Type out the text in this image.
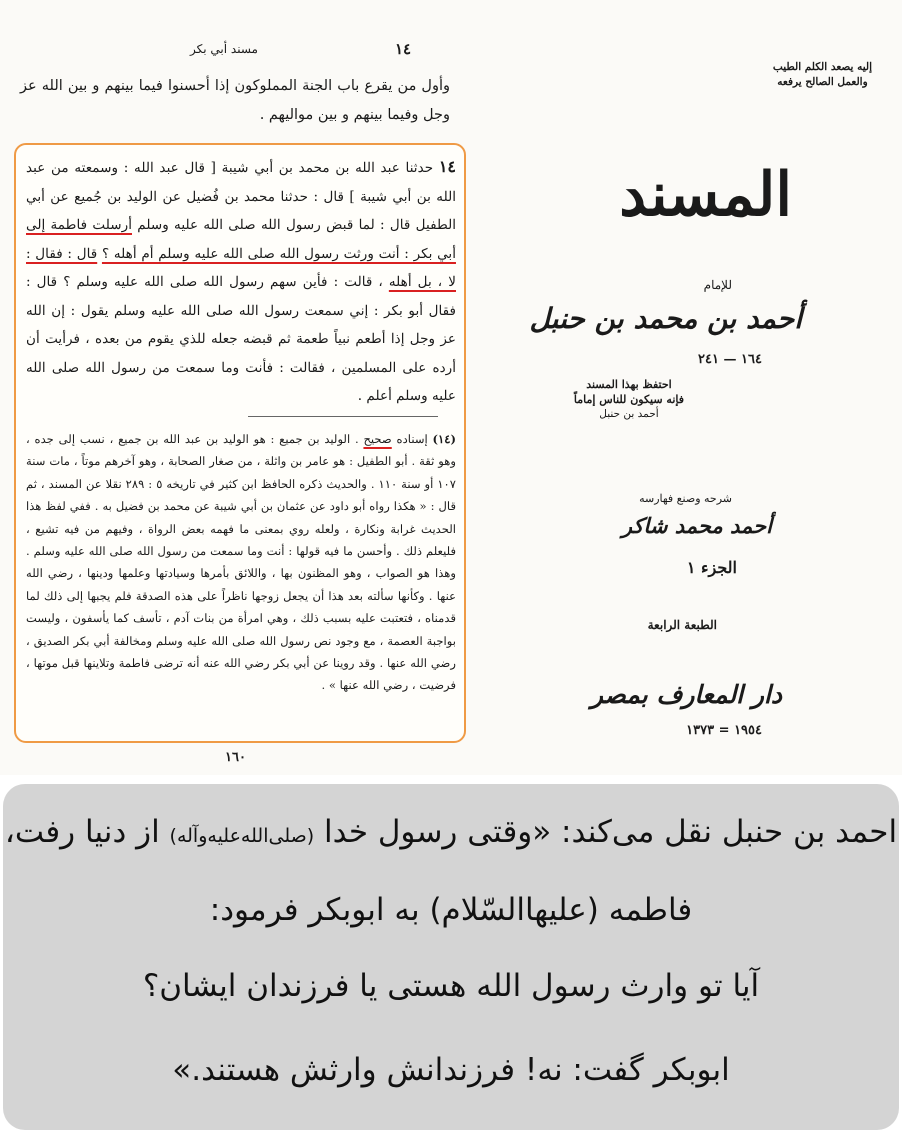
١٤
مسند أبي بكر
وأول من يقرع باب الجنة المملوكون إذا أحسنوا فيما بينهم و بين الله عز وجل وفيما بينهم و بين مواليهم .
١٤ حدثنا عبد الله بن محمد بن أبي شيبة [ قال عبد الله : وسمعته من عبد الله بن أبي شيبة ] قال : حدثنا محمد بن فُضيل عن الوليد بن جُميع عن أبي الطفيل قال : لما قبض رسول الله صلى الله عليه وسلم أرسلت فاطمة إلى أبي بكر : أنت ورثت رسول الله صلى الله عليه وسلم أم أهله ؟ قال : فقال : لا ، بل أهله ، قالت : فأين سهم رسول الله صلى الله عليه وسلم ؟ قال : فقال أبو بكر : إني سمعت رسول الله صلى الله عليه وسلم يقول : إن الله عز وجل إذا أطعم نبياً طعمة ثم قبضه جعله للذي يقوم من بعده ، فرأيت أن أرده على المسلمين ، فقالت : فأنت وما سمعت من رسول الله صلى الله عليه وسلم أعلم .
(١٤) إسناده صحيح . الوليد بن جميع : هو الوليد بن عبد الله بن جميع ، نسب إلى جده ، وهو ثقة . أبو الطفيل : هو عامر بن واثلة ، من صغار الصحابة ، وهو آخرهم موتاً ، مات سنة ١٠٧ أو سنة ١١٠ . والحديث ذكره الحافظ ابن كثير في تاريخه ٥ : ٢٨٩ نقلا عن المسند ، ثم قال : « هكذا رواه أبو داود عن عثمان بن أبي شيبة عن محمد بن فضيل به . ففي لفظ هذا الحديث غرابة ونكارة ، ولعله روي بمعنى ما فهمه بعض الرواة ، وفيهم من فيه تشيع ، فليعلم ذلك . وأحسن ما فيه قولها : أنت وما سمعت من رسول الله صلى الله عليه وسلم . وهذا هو الصواب ، وهو المظنون بها ، واللائق بأمرها وسيادتها وعلمها ودينها ، رضي الله عنها . وكأنها سألته بعد هذا أن يجعل زوجها ناظراً على هذه الصدقة فلم يجبها إلى ذلك لما قدمناه ، فتعتبت عليه بسبب ذلك ، وهي امرأة من بنات آدم ، تأسف كما يأسفون ، وليست بواجبة العصمة ، مع وجود نص رسول الله صلى الله عليه وسلم ومخالفة أبي بكر الصديق ، رضي الله عنها . وقد روينا عن أبي بكر رضي الله عنه أنه ترضى فاطمة وتلاينها قبل موتها ، فرضيت ، رضي الله عنها » .
١٦٠
إليه يصعد الكلم الطيب
والعمل الصالح يرفعه
المسند
للإمام
أحمد بن محمد بن حنبل
١٦٤ — ٢٤١
احتفظ بهذا المسند
فإنه سيكون للناس إماماً
أحمد بن حنبل
شرحه وصنع فهارسه
أحمد محمد شاكر
الجزء ١
الطبعة الرابعة
دار المعارف بمصر
١٩٥٤ = ١٣٧٣
احمد بن حنبل نقل می‌کند: «وقتی رسول خدا (صلی‌الله‌علیه‌وآله) از دنیا رفت،
فاطمه (علیهاالسّلام) به ابوبکر فرمود:
آیا تو وارث رسول الله هستی یا فرزندان ایشان؟
ابوبکر گفت: نه! فرزندانش وارثش هستند.»
